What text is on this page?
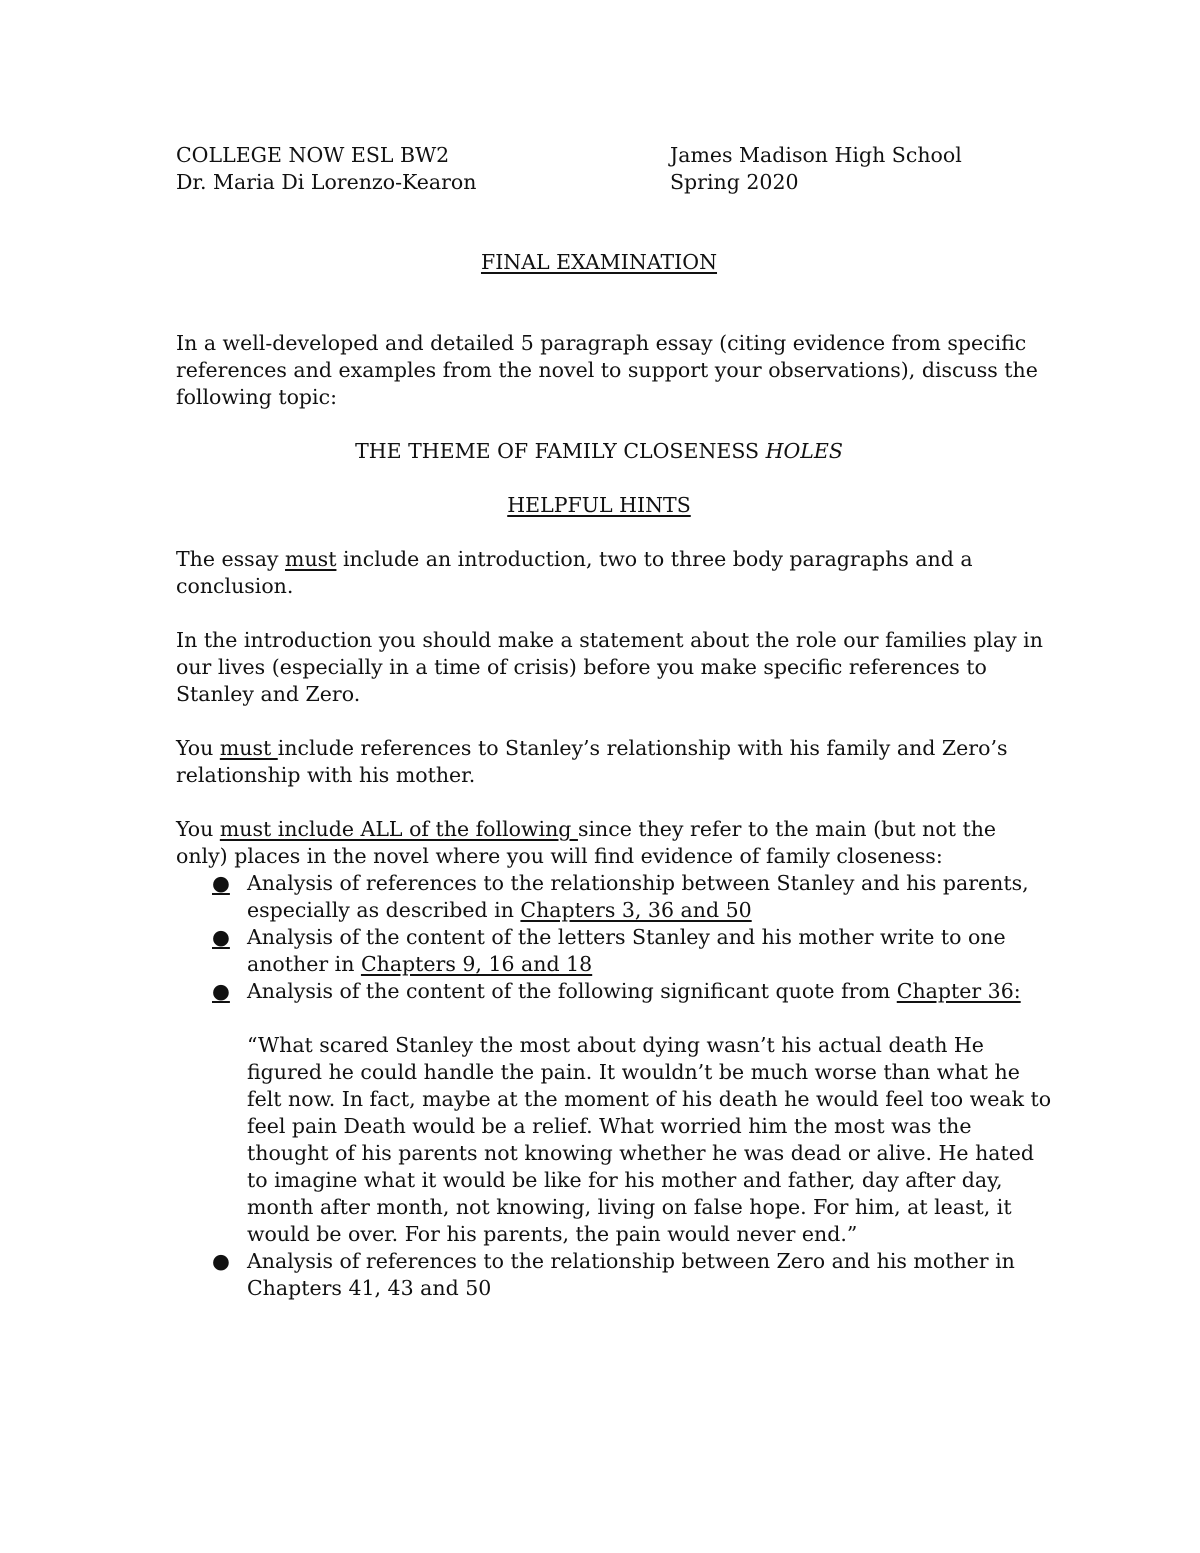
COLLEGE NOW ESL BW2
Dr. Maria Di Lorenzo-Kearon
James Madison High School
Spring 2020
FINAL EXAMINATION

In a well-developed and detailed 5 paragraph essay (citing evidence from specific
references and examples from the novel to support your observations), discuss the
following topic:

THE THEME OF FAMILY CLOSENESS HOLES
HELPFUL HINTS

The essay must include an introduction, two to three body paragraphs and a
conclusion.

In the introduction you should make a statement about the role our families play in
our lives (especially in a time of crisis) before you make specific references to
Stanley and Zero.

You must include references to Stanley’s relationship with his family and Zero’s
relationship with his mother.

You must include ALL of the following since they refer to the main (but not the
only) places in the novel where you will find evidence of family closeness:

● Analysis of references to the relationship between Stanley and his parents,
especially as described in Chapters 3, 36 and 50
● Analysis of the content of the letters Stanley and his mother write to one
another in Chapters 9, 16 and 18
● Analysis of the content of the following significant quote from Chapter 36:

“What scared Stanley the most about dying wasn’t his actual death He
figured he could handle the pain. It wouldn’t be much worse than what he
felt now. In fact, maybe at the moment of his death he would feel too weak to
feel pain Death would be a relief. What worried him the most was the
thought of his parents not knowing whether he was dead or alive. He hated
to imagine what it would be like for his mother and father, day after day,
month after month, not knowing, living on false hope. For him, at least, it
would be over. For his parents, the pain would never end.”

● Analysis of references to the relationship between Zero and his mother in
Chapters 41, 43 and 50
